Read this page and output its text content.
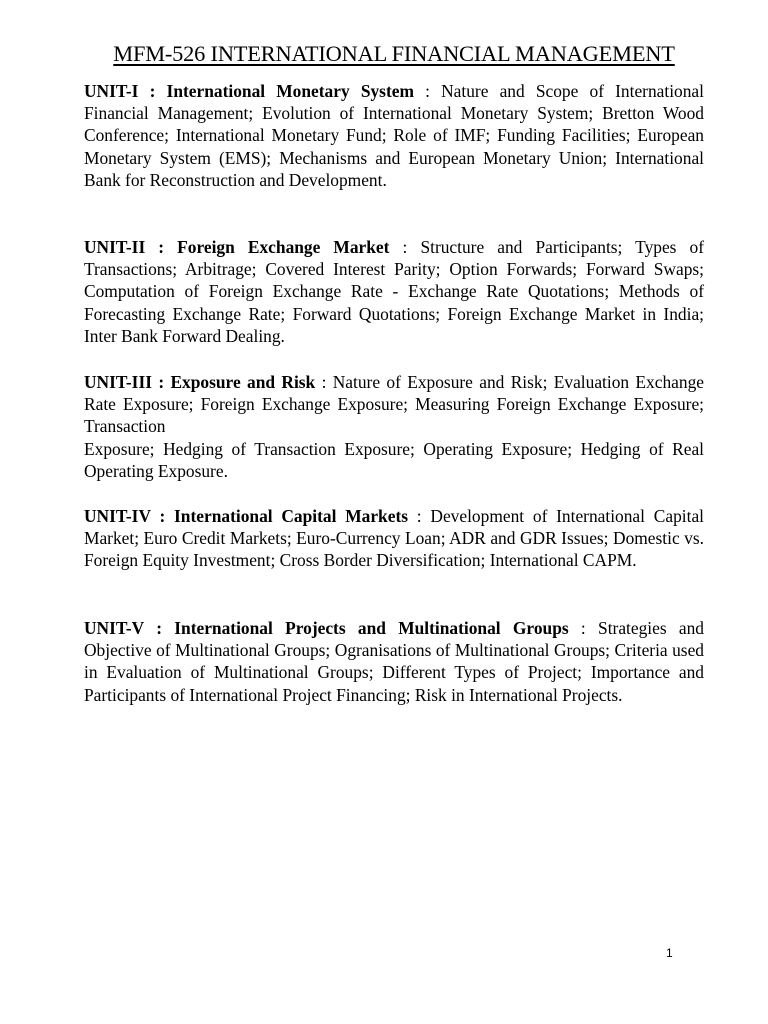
MFM-526 INTERNATIONAL FINANCIAL MANAGEMENT

UNIT-I : International Monetary System : Nature and Scope of International Financial Management; Evolution of International Monetary System; Bretton Wood Conference; International Monetary Fund; Role of IMF; Funding Facilities; European Monetary System (EMS); Mechanisms and European Monetary Union; International Bank for Reconstruction and Development.

UNIT-II : Foreign Exchange Market : Structure and Participants; Types of Transactions; Arbitrage; Covered Interest Parity; Option Forwards; Forward Swaps; Computation of Foreign Exchange Rate - Exchange Rate Quotations; Methods of Forecasting Exchange Rate; Forward Quotations; Foreign Exchange Market in India; Inter Bank Forward Dealing.

UNIT-III : Exposure and Risk : Nature of Exposure and Risk; Evaluation Exchange Rate Exposure; Foreign Exchange Exposure; Measuring Foreign Exchange Exposure; Transaction
Exposure; Hedging of Transaction Exposure; Operating Exposure; Hedging of Real Operating Exposure.

UNIT-IV : International Capital Markets : Development of International Capital Market; Euro Credit Markets; Euro-Currency Loan; ADR and GDR Issues; Domestic vs. Foreign Equity Investment; Cross Border Diversification; International CAPM.

UNIT-V : International Projects and Multinational Groups : Strategies and Objective of Multinational Groups; Ogranisations of Multinational Groups; Criteria used in Evaluation of Multinational Groups; Different Types of Project; Importance and Participants of International Project Financing; Risk in International Projects.

1
